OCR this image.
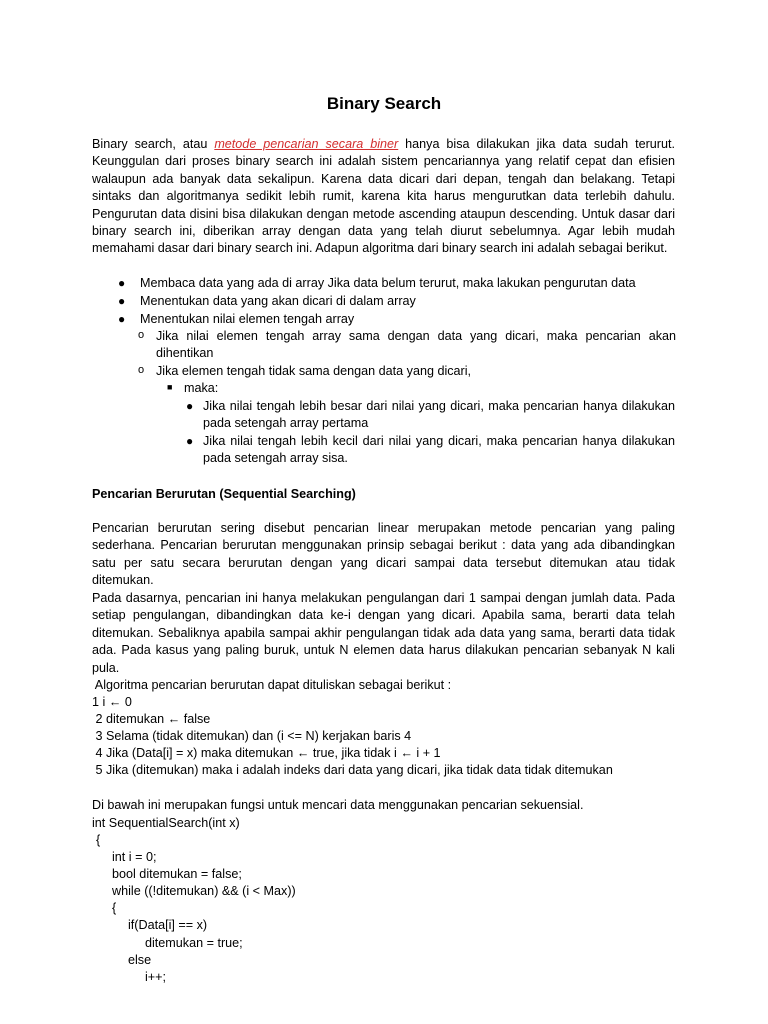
Binary Search
Binary search, atau metode pencarian secara biner hanya bisa dilakukan jika data sudah terurut. Keunggulan dari proses binary search ini adalah sistem pencariannya yang relatif cepat dan efisien walaupun ada banyak data sekalipun. Karena data dicari dari depan, tengah dan belakang. Tetapi sintaks dan algoritmanya sedikit lebih rumit, karena kita harus mengurutkan data terlebih dahulu. Pengurutan data disini bisa dilakukan dengan metode ascending ataupun descending. Untuk dasar dari binary search ini, diberikan array dengan data yang telah diurut sebelumnya. Agar lebih mudah memahami dasar dari binary search ini. Adapun algoritma dari binary search ini adalah sebagai berikut.
● Membaca data yang ada di array Jika data belum terurut, maka lakukan pengurutan data
● Menentukan data yang akan dicari di dalam array
● Menentukan nilai elemen tengah array
o Jika nilai elemen tengah array sama dengan data yang dicari, maka pencarian akan dihentikan
o Jika elemen tengah tidak sama dengan data yang dicari,
■ maka:
● Jika nilai tengah lebih besar dari nilai yang dicari, maka pencarian hanya dilakukan pada setengah array pertama
● Jika nilai tengah lebih kecil dari nilai yang dicari, maka pencarian hanya dilakukan pada setengah array sisa.
Pencarian Berurutan (Sequential Searching)
Pencarian berurutan sering disebut pencarian linear merupakan metode pencarian yang paling sederhana. Pencarian berurutan menggunakan prinsip sebagai berikut : data yang ada dibandingkan satu per satu secara berurutan dengan yang dicari sampai data tersebut ditemukan atau tidak ditemukan.
Pada dasarnya, pencarian ini hanya melakukan pengulangan dari 1 sampai dengan jumlah data. Pada setiap pengulangan, dibandingkan data ke-i dengan yang dicari. Apabila sama, berarti data telah ditemukan. Sebaliknya apabila sampai akhir pengulangan tidak ada data yang sama, berarti data tidak ada. Pada kasus yang paling buruk, untuk N elemen data harus dilakukan pencarian sebanyak N kali pula.
Algoritma pencarian berurutan dapat dituliskan sebagai berikut :
1 i ← 0
2 ditemukan ← false
3 Selama (tidak ditemukan) dan (i <= N) kerjakan baris 4
4 Jika (Data[i] = x) maka ditemukan ← true, jika tidak i ← i + 1
5 Jika (ditemukan) maka i adalah indeks dari data yang dicari, jika tidak data tidak ditemukan
Di bawah ini merupakan fungsi untuk mencari data menggunakan pencarian sekuensial.
int SequentialSearch(int x)
{
int i = 0;
bool ditemukan = false;
while ((!ditemukan) && (i < Max))
{
if(Data[i] == x)
ditemukan = true;
else
i++;
